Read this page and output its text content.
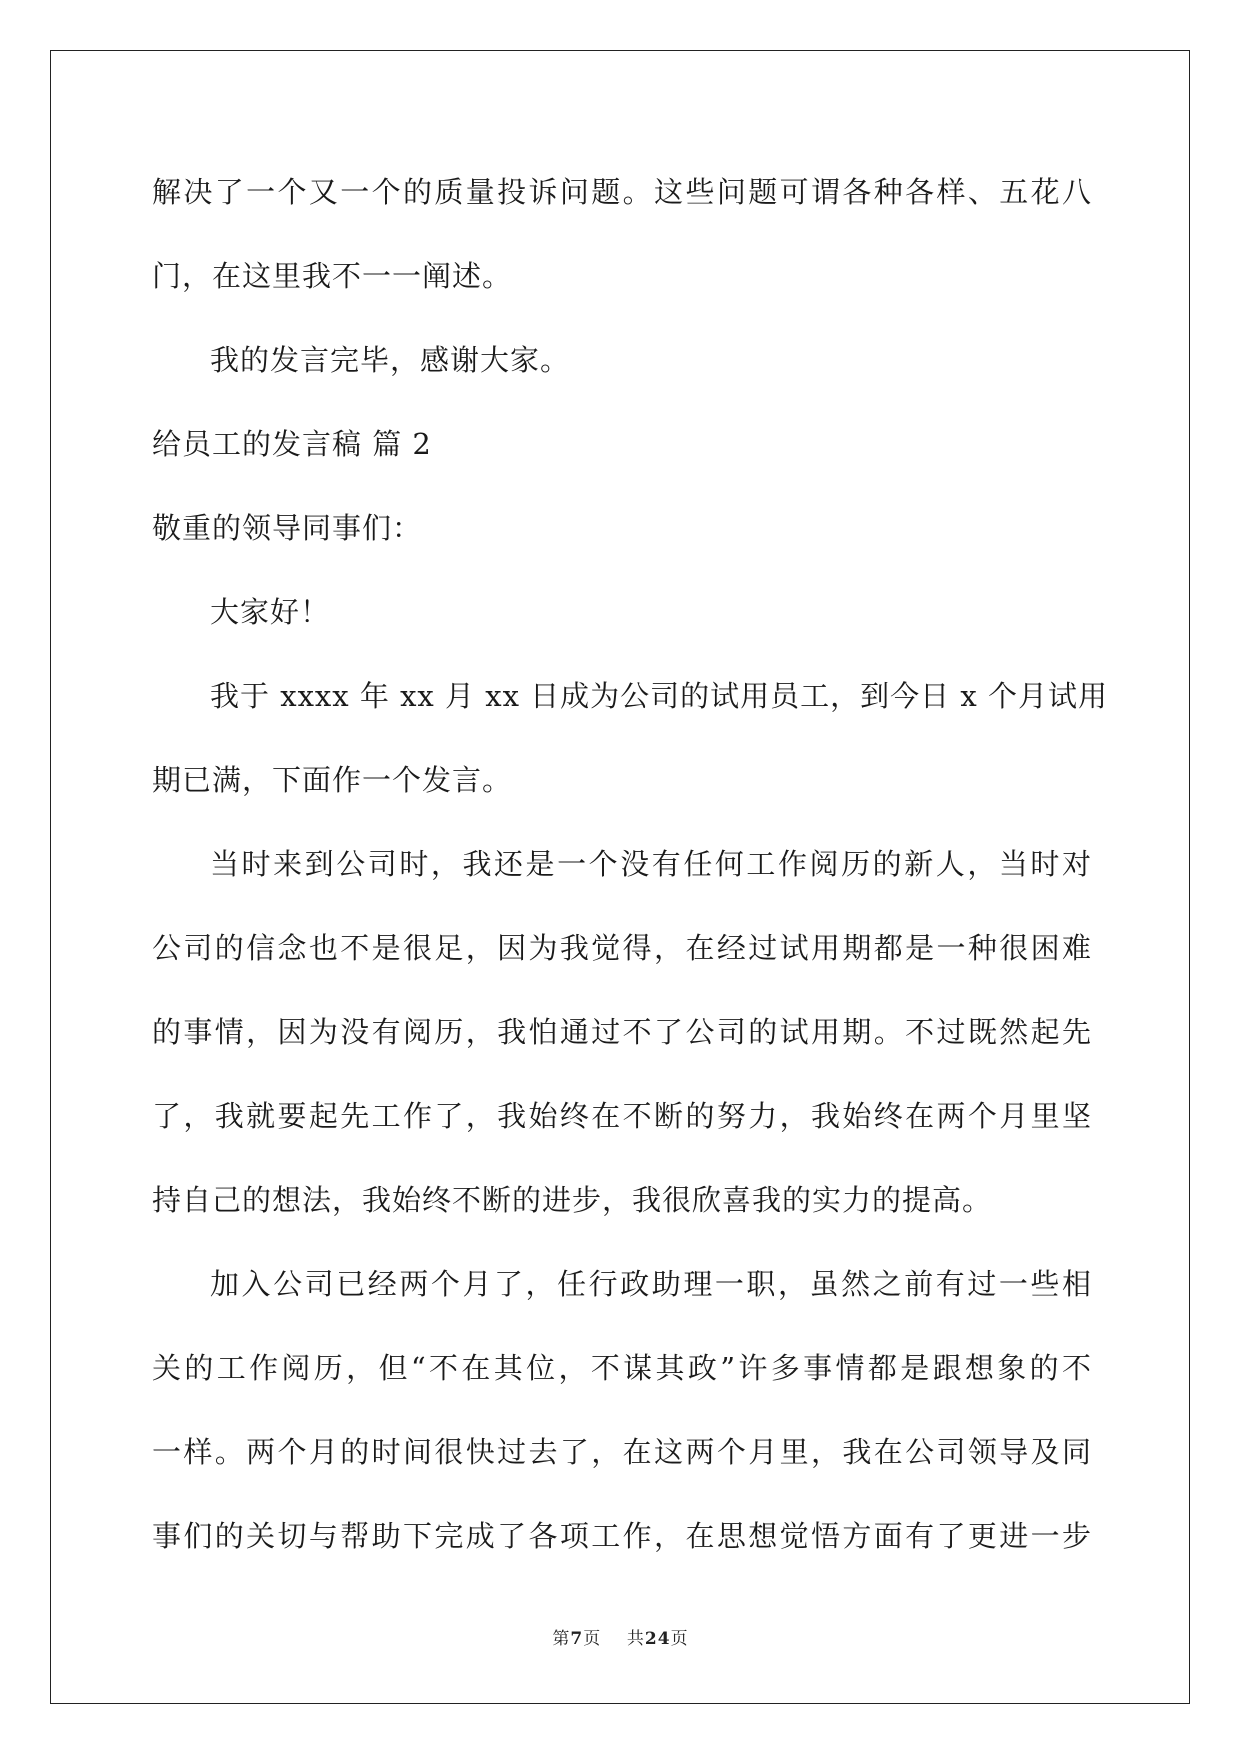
解决了一个又一个的质量投诉问题。这些问题可谓各种各样、五花八
门，在这里我不一一阐述。
我的发言完毕，感谢大家。
给员工的发言稿 篇 2
敬重的领导同事们：
大家好！
我于 xxxx 年 xx 月 xx 日成为公司的试用员工，到今日 x 个月试用
期已满，下面作一个发言。
当时来到公司时，我还是一个没有任何工作阅历的新人，当时对
公司的信念也不是很足，因为我觉得，在经过试用期都是一种很困难
的事情，因为没有阅历，我怕通过不了公司的试用期。不过既然起先
了，我就要起先工作了，我始终在不断的努力，我始终在两个月里坚
持自己的想法，我始终不断的进步，我很欣喜我的实力的提高。
加入公司已经两个月了，任行政助理一职，虽然之前有过一些相
关的工作阅历，但“不在其位，不谋其政”许多事情都是跟想象的不
一样。两个月的时间很快过去了，在这两个月里，我在公司领导及同
事们的关切与帮助下完成了各项工作，在思想觉悟方面有了更进一步
第7页 共24页
